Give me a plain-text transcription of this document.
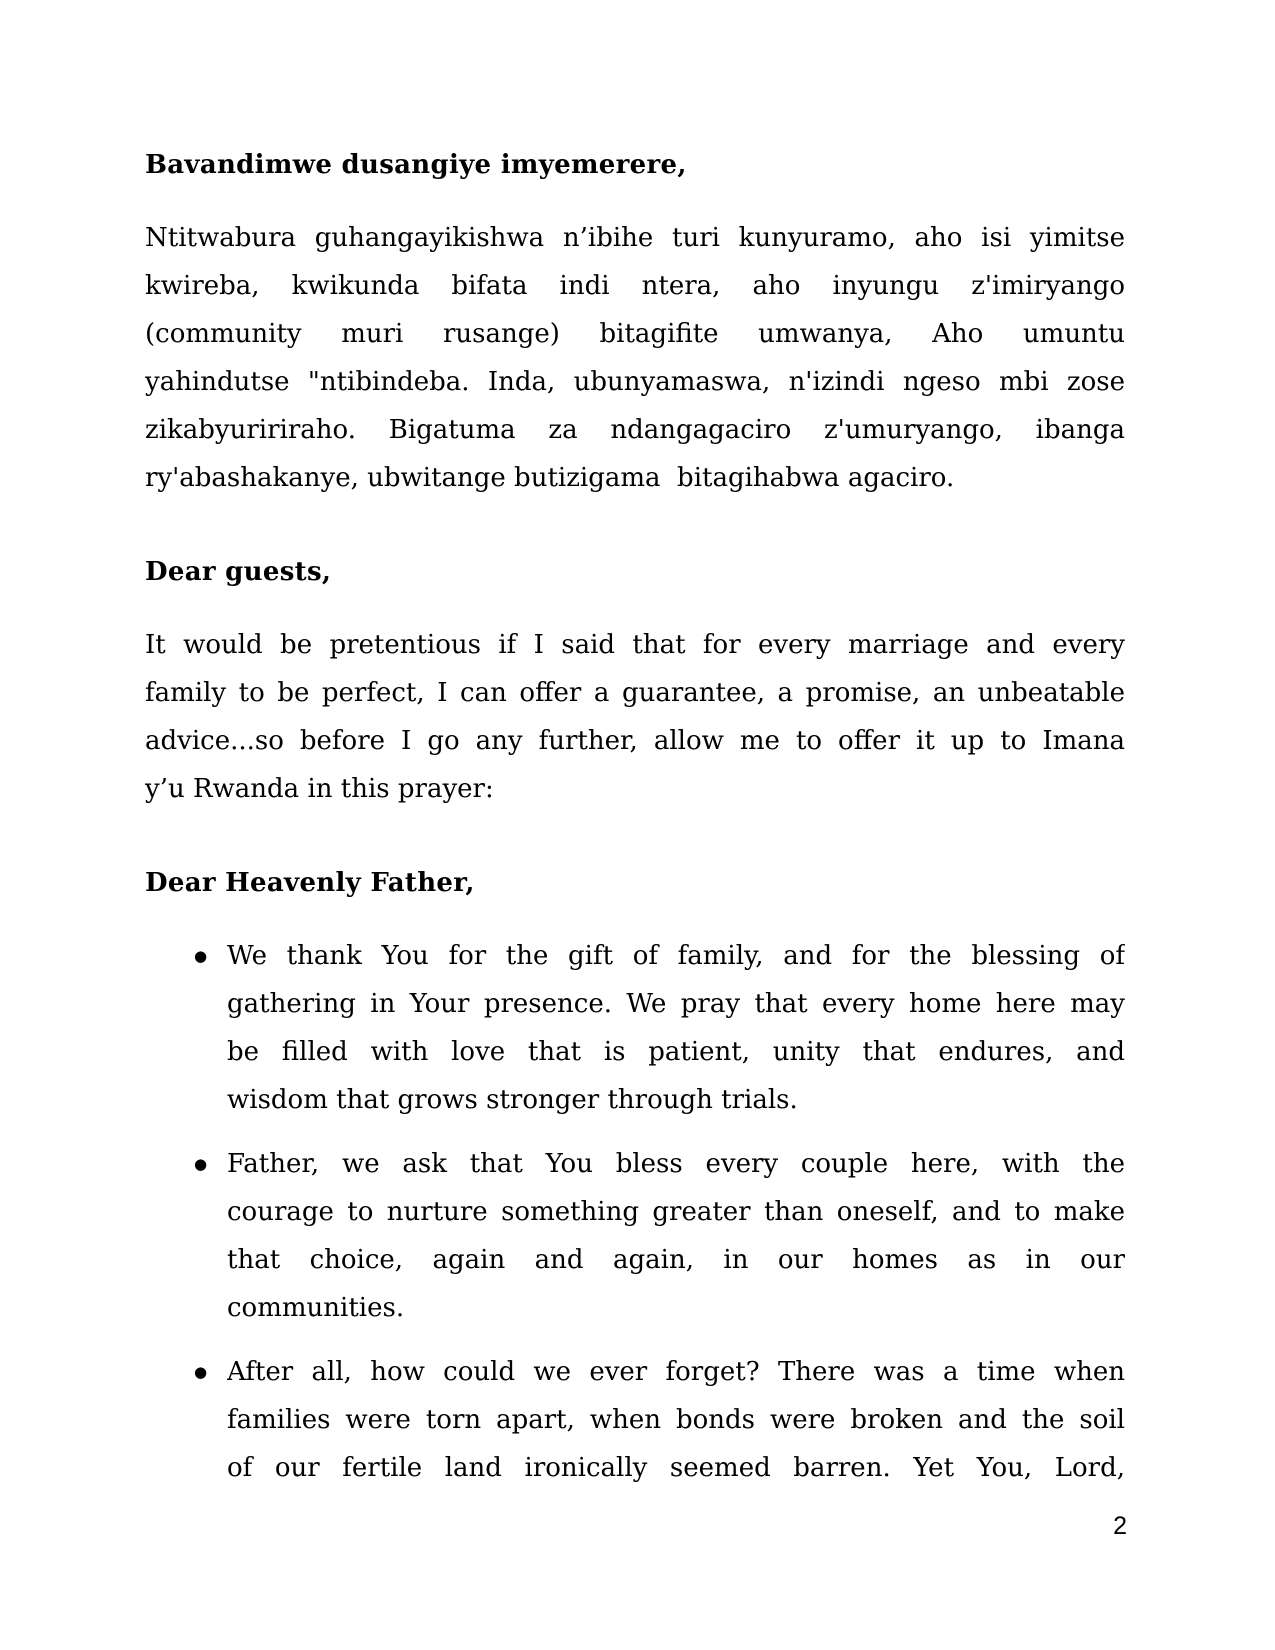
Bavandimwe dusangiye imyemerere,
Ntitwabura guhangayikishwa n’ibihe turi kunyuramo, aho isi yimitse
kwireba, kwikunda bifata indi ntera, aho inyungu z'imiryango
(community muri rusange) bitagifite umwanya, Aho umuntu
yahindutse "ntibindeba. Inda, ubunyamaswa, n'izindi ngeso mbi zose
zikabyuririraho. Bigatuma za ndangagaciro z'umuryango, ibanga
ry'abashakanye, ubwitange butizigama  bitagihabwa agaciro.
Dear guests,
It would be pretentious if I said that for every marriage and every
family to be perfect, I can offer a guarantee, a promise, an unbeatable
advice...so before I go any further, allow me to offer it up to Imana
y’u Rwanda in this prayer:
Dear Heavenly Father,
● We thank You for the gift of family, and for the blessing of
gathering in Your presence. We pray that every home here may
be filled with love that is patient, unity that endures, and
wisdom that grows stronger through trials.
● Father, we ask that You bless every couple here, with the
courage to nurture something greater than oneself, and to make
that choice, again and again, in our homes as in our
communities.
● After all, how could we ever forget? There was a time when
families were torn apart, when bonds were broken and the soil
of our fertile land ironically seemed barren. Yet You, Lord,
2
